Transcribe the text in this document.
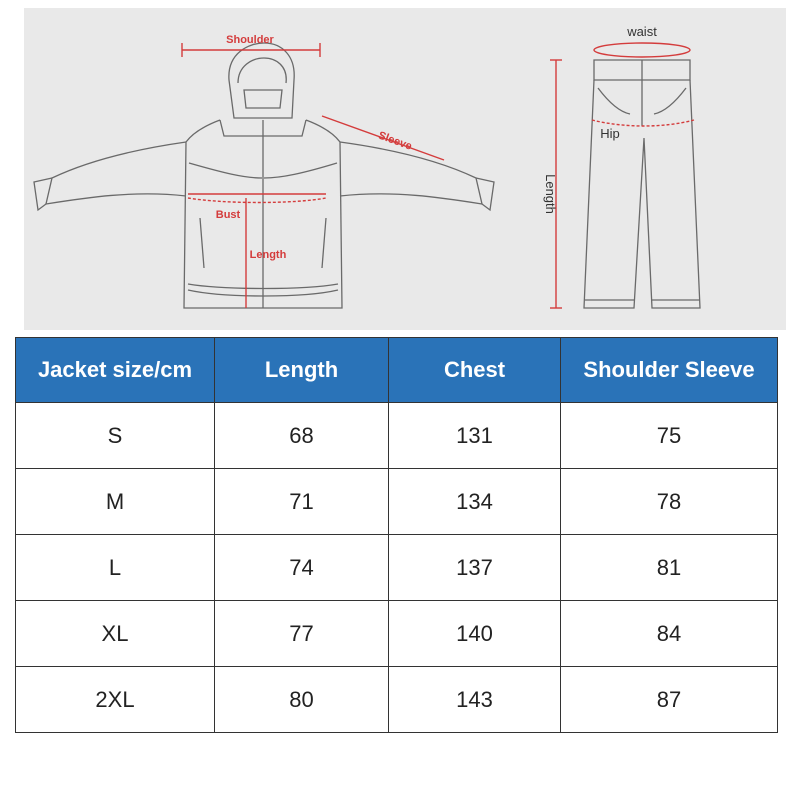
Shoulder
Sleeve
Bust
Length
waist
Hip
Length
Jacket size/cm	Length	Chest	Shoulder Sleeve
S	68	131	75
M	71	134	78
L	74	137	81
XL	77	140	84
2XL	80	143	87
